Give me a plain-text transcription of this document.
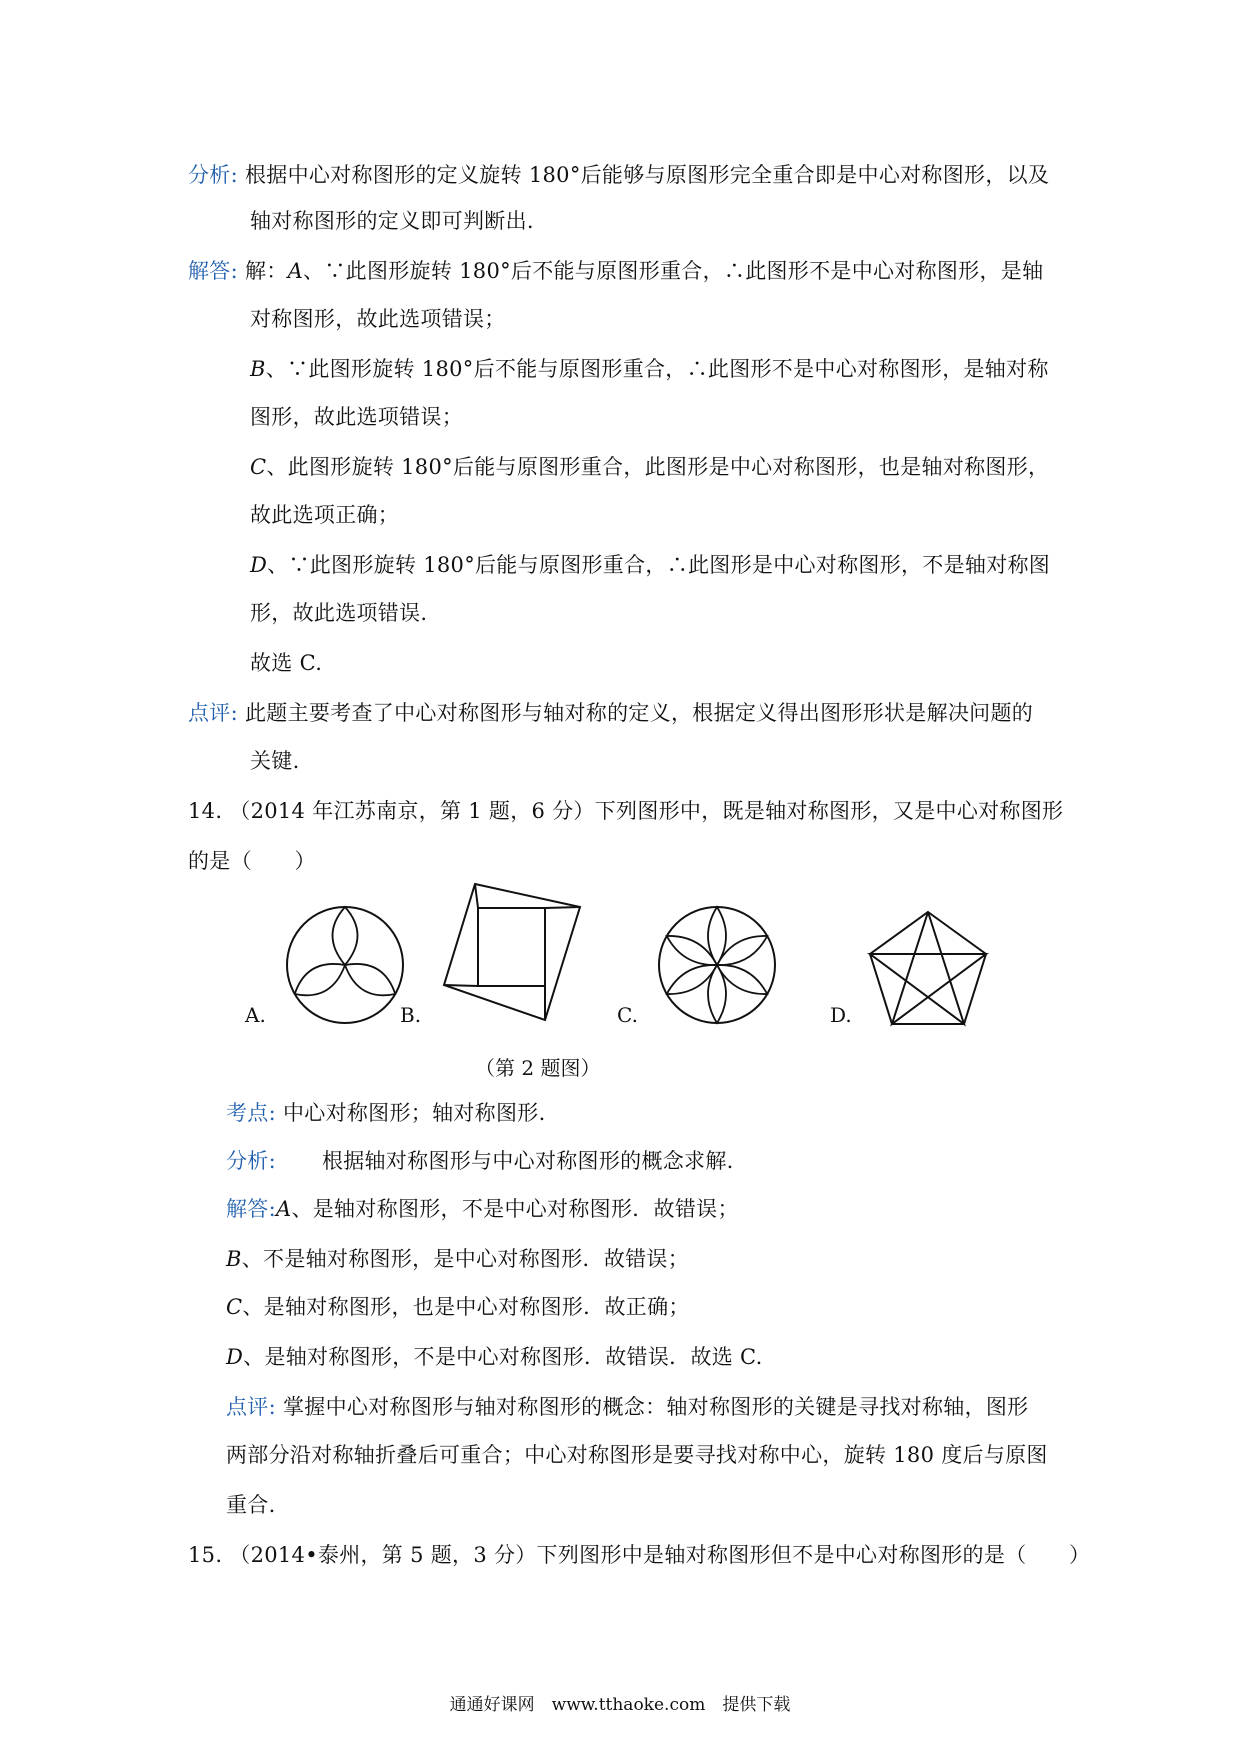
分析: 根据中心对称图形的定义旋转 180°后能够与原图形完全重合即是中心对称图形，以及
轴对称图形的定义即可判断出.
解答: 解：A、∵此图形旋转 180°后不能与原图形重合，∴此图形不是中心对称图形，是轴
对称图形，故此选项错误；
B、∵此图形旋转 180°后不能与原图形重合，∴此图形不是中心对称图形，是轴对称
图形，故此选项错误；
C、此图形旋转 180°后能与原图形重合，此图形是中心对称图形，也是轴对称图形，
故此选项正确；
D、∵此图形旋转 180°后能与原图形重合，∴此图形是中心对称图形，不是轴对称图
形，故此选项错误.
故选 C.
点评: 此题主要考查了中心对称图形与轴对称的定义，根据定义得出图形形状是解决问题的
关键.
14. （2014 年江苏南京，第 1 题，6 分）下列图形中，既是轴对称图形，又是中心对称图形
的是（　　）
A.	B.	C.	D.
（第 2 题图）
考点: 中心对称图形；轴对称图形.
分析: 根据轴对称图形与中心对称图形的概念求解.
解答:A、是轴对称图形，不是中心对称图形．故错误；
B、不是轴对称图形，是中心对称图形．故错误；
C、是轴对称图形，也是中心对称图形．故正确；
D、是轴对称图形，不是中心对称图形．故错误．故选 C.
点评: 掌握中心对称图形与轴对称图形的概念：轴对称图形的关键是寻找对称轴，图形
两部分沿对称轴折叠后可重合；中心对称图形是要寻找对称中心，旋转 180 度后与原图
重合.
15. （2014•泰州，第 5 题，3 分）下列图形中是轴对称图形但不是中心对称图形的是（　　）
通通好课网　www.tthaoke.com　提供下载
